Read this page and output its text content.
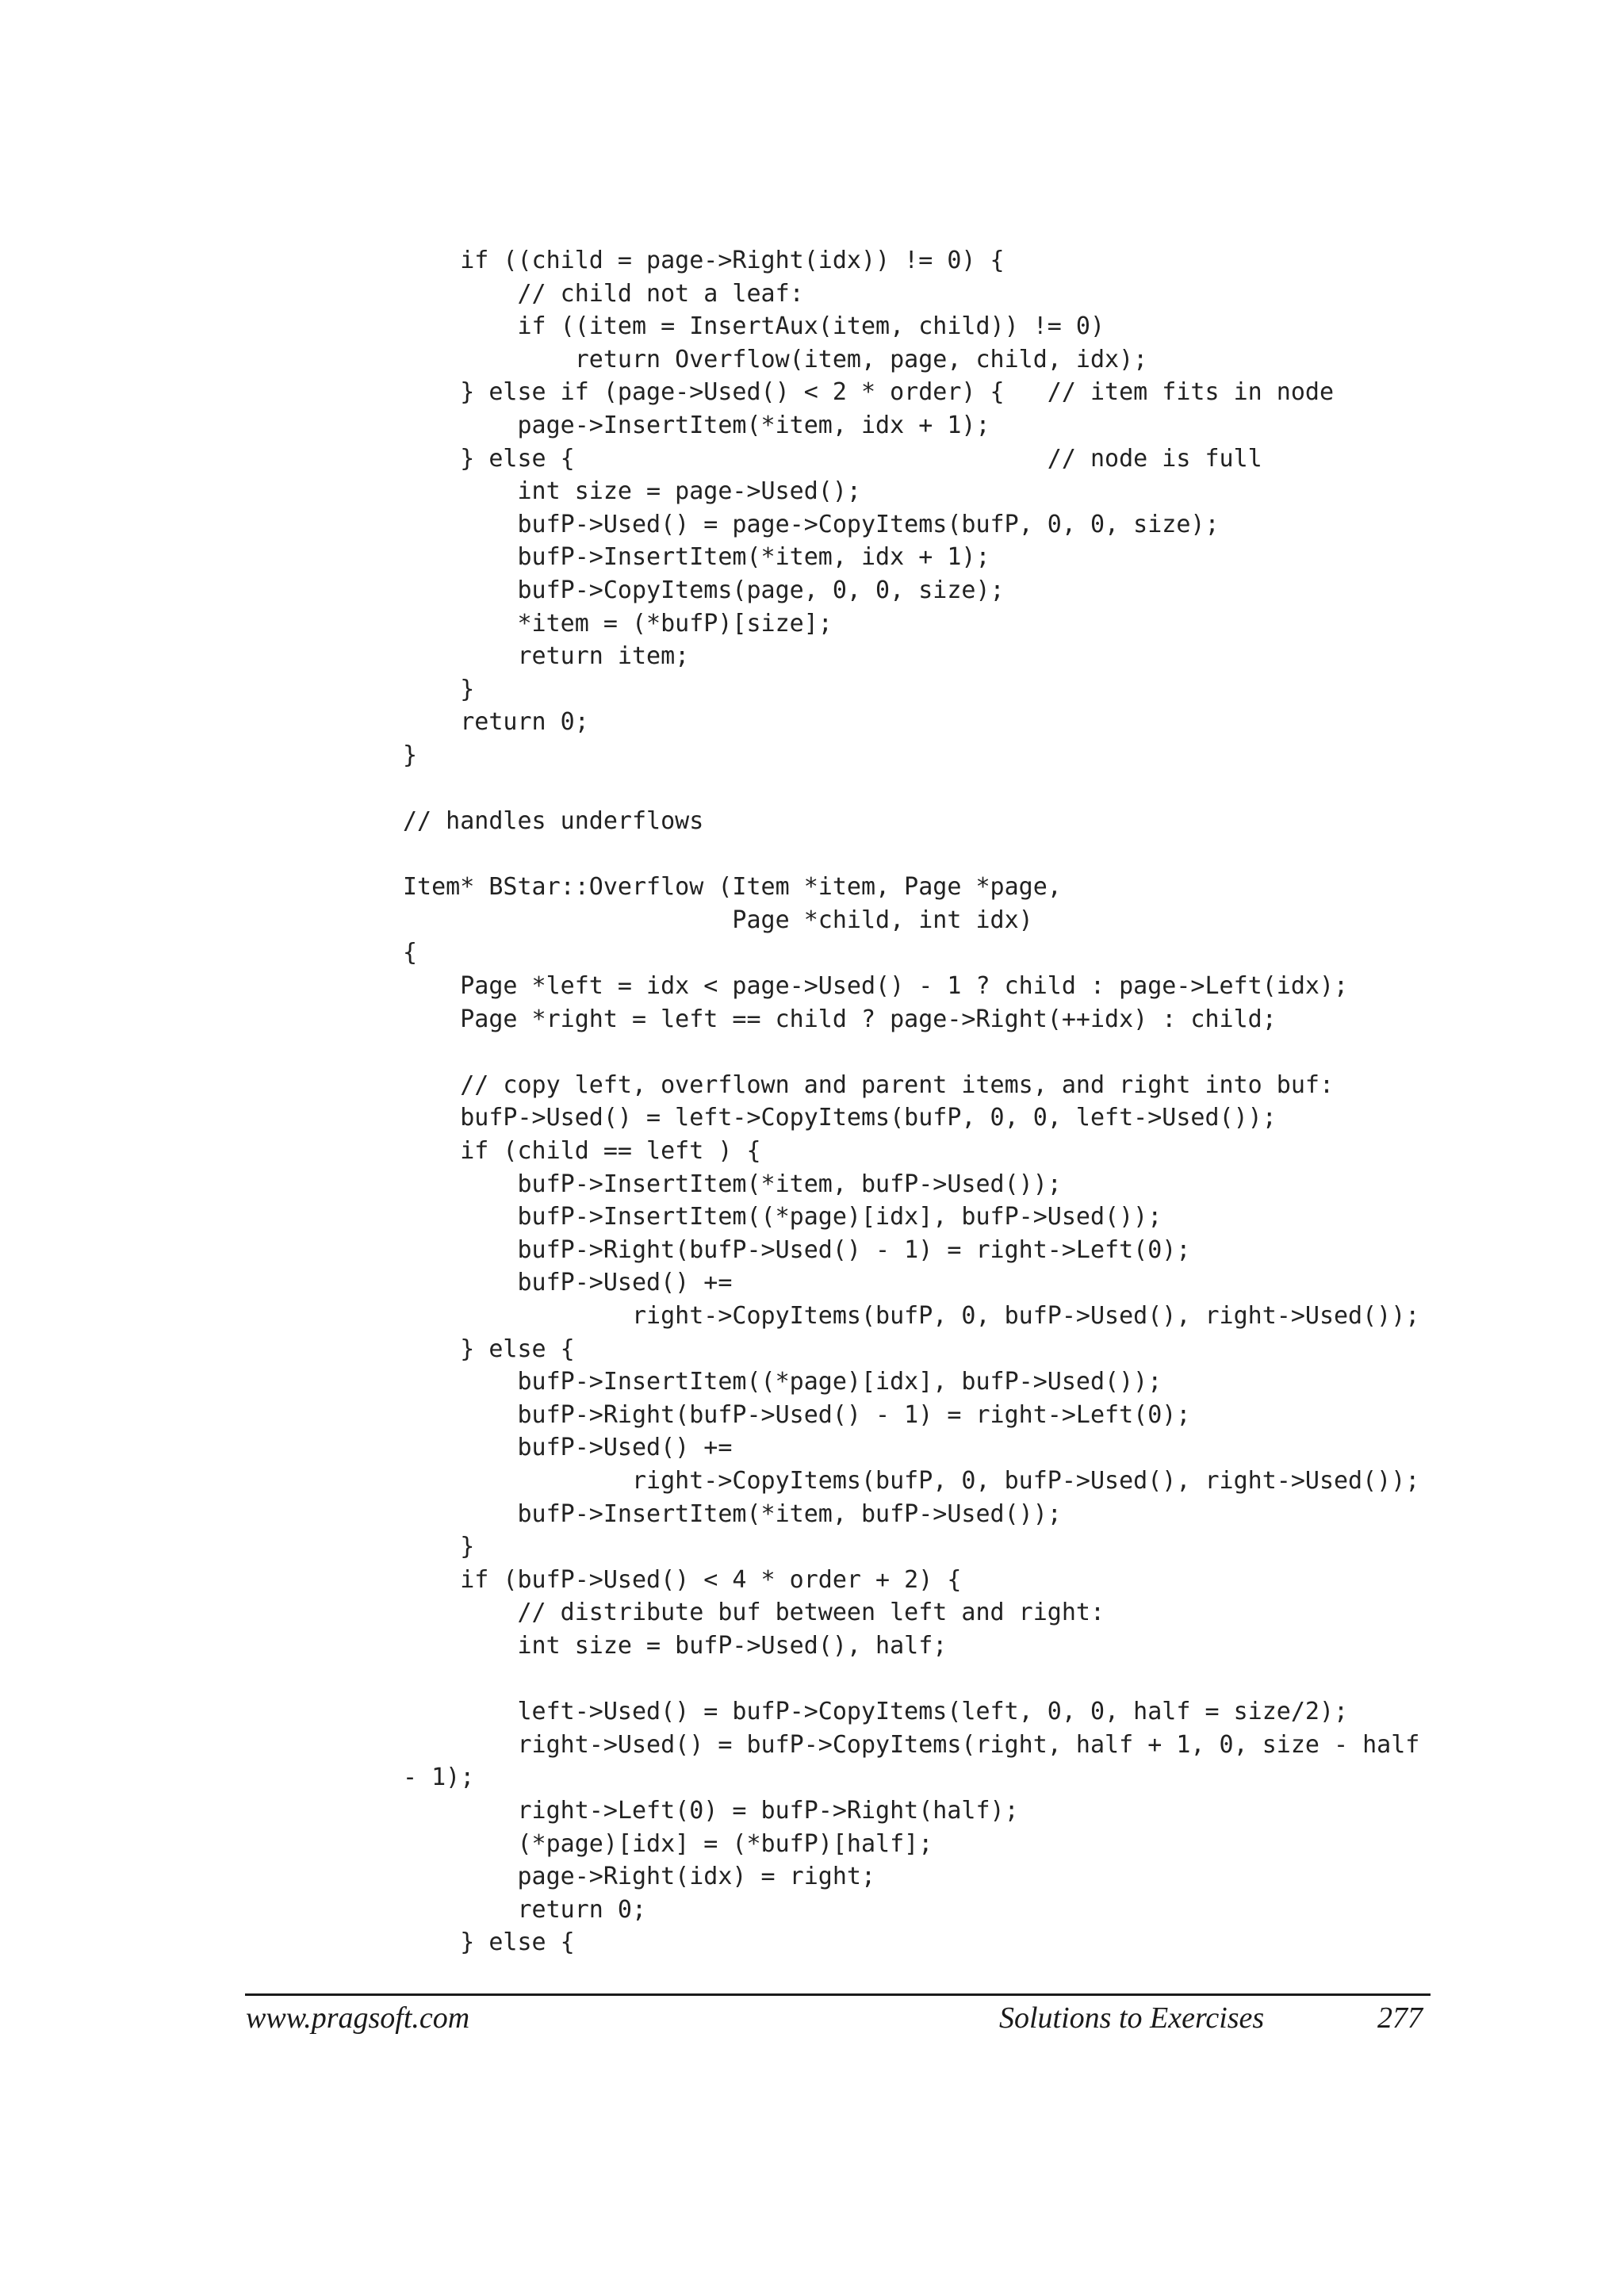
if ((child = page->Right(idx)) != 0) {
// child not a leaf:
if ((item = InsertAux(item, child)) != 0)
return Overflow(item, page, child, idx);
} else if (page->Used() < 2 * order) {   // item fits in node
page->InsertItem(*item, idx + 1);
} else {                                 // node is full
int size = page->Used();
bufP->Used() = page->CopyItems(bufP, 0, 0, size);
bufP->InsertItem(*item, idx + 1);
bufP->CopyItems(page, 0, 0, size);
*item = (*bufP)[size];
return item;
}
return 0;
}
// handles underflows
Item* BStar::Overflow (Item *item, Page *page,
Page *child, int idx)
{
Page *left = idx < page->Used() - 1 ? child : page->Left(idx);
Page *right = left == child ? page->Right(++idx) : child;
// copy left, overflown and parent items, and right into buf:
bufP->Used() = left->CopyItems(bufP, 0, 0, left->Used());
if (child == left ) {
bufP->InsertItem(*item, bufP->Used());
bufP->InsertItem((*page)[idx], bufP->Used());
bufP->Right(bufP->Used() - 1) = right->Left(0);
bufP->Used() +=
right->CopyItems(bufP, 0, bufP->Used(), right->Used());
} else {
bufP->InsertItem((*page)[idx], bufP->Used());
bufP->Right(bufP->Used() - 1) = right->Left(0);
bufP->Used() +=
right->CopyItems(bufP, 0, bufP->Used(), right->Used());
bufP->InsertItem(*item, bufP->Used());
}
if (bufP->Used() < 4 * order + 2) {
// distribute buf between left and right:
int size = bufP->Used(), half;
left->Used() = bufP->CopyItems(left, 0, 0, half = size/2);
right->Used() = bufP->CopyItems(right, half + 1, 0, size - half
- 1);
right->Left(0) = bufP->Right(half);
(*page)[idx] = (*bufP)[half];
page->Right(idx) = right;
return 0;
} else {
www.pragsoft.com	Solutions to Exercises	277
